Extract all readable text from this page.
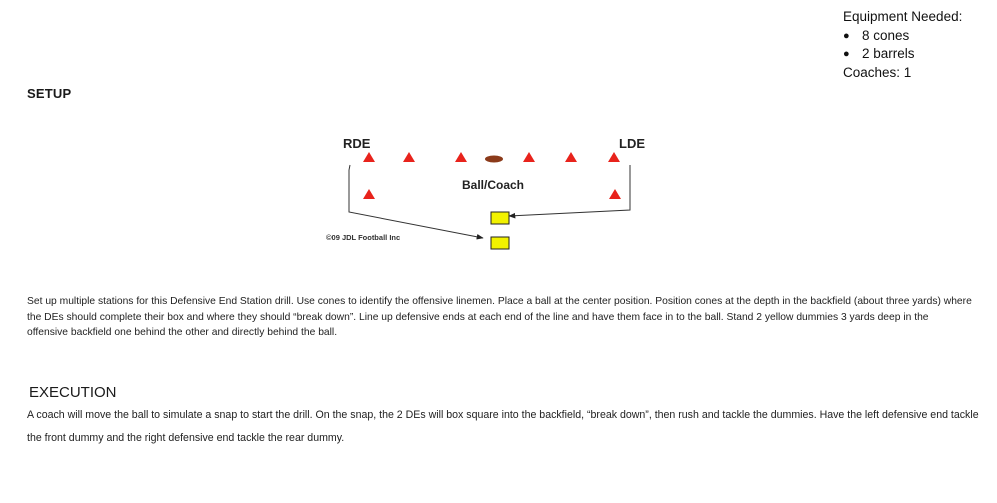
Equipment Needed:
● 8 cones
● 2 barrels
Coaches: 1
SETUP
RDE	LDE
Ball/Coach
©09 JDL Football Inc
Set up multiple stations for this Defensive End Station drill. Use cones to identify the offensive linemen. Place a ball at the center position. Position cones at the depth in the backfield (about three yards) where the DEs should complete their box and where they should “break down”. Line up defensive ends at each end of the line and have them face in to the ball. Stand 2 yellow dummies 3 yards deep in the offensive backfield one behind the other and directly behind the ball.
EXECUTION
A coach will move the ball to simulate a snap to start the drill. On the snap, the 2 DEs will box square into the backfield, “break down”, then rush and tackle the dummies. Have the left defensive end tackle the front dummy and the right defensive end tackle the rear dummy.
